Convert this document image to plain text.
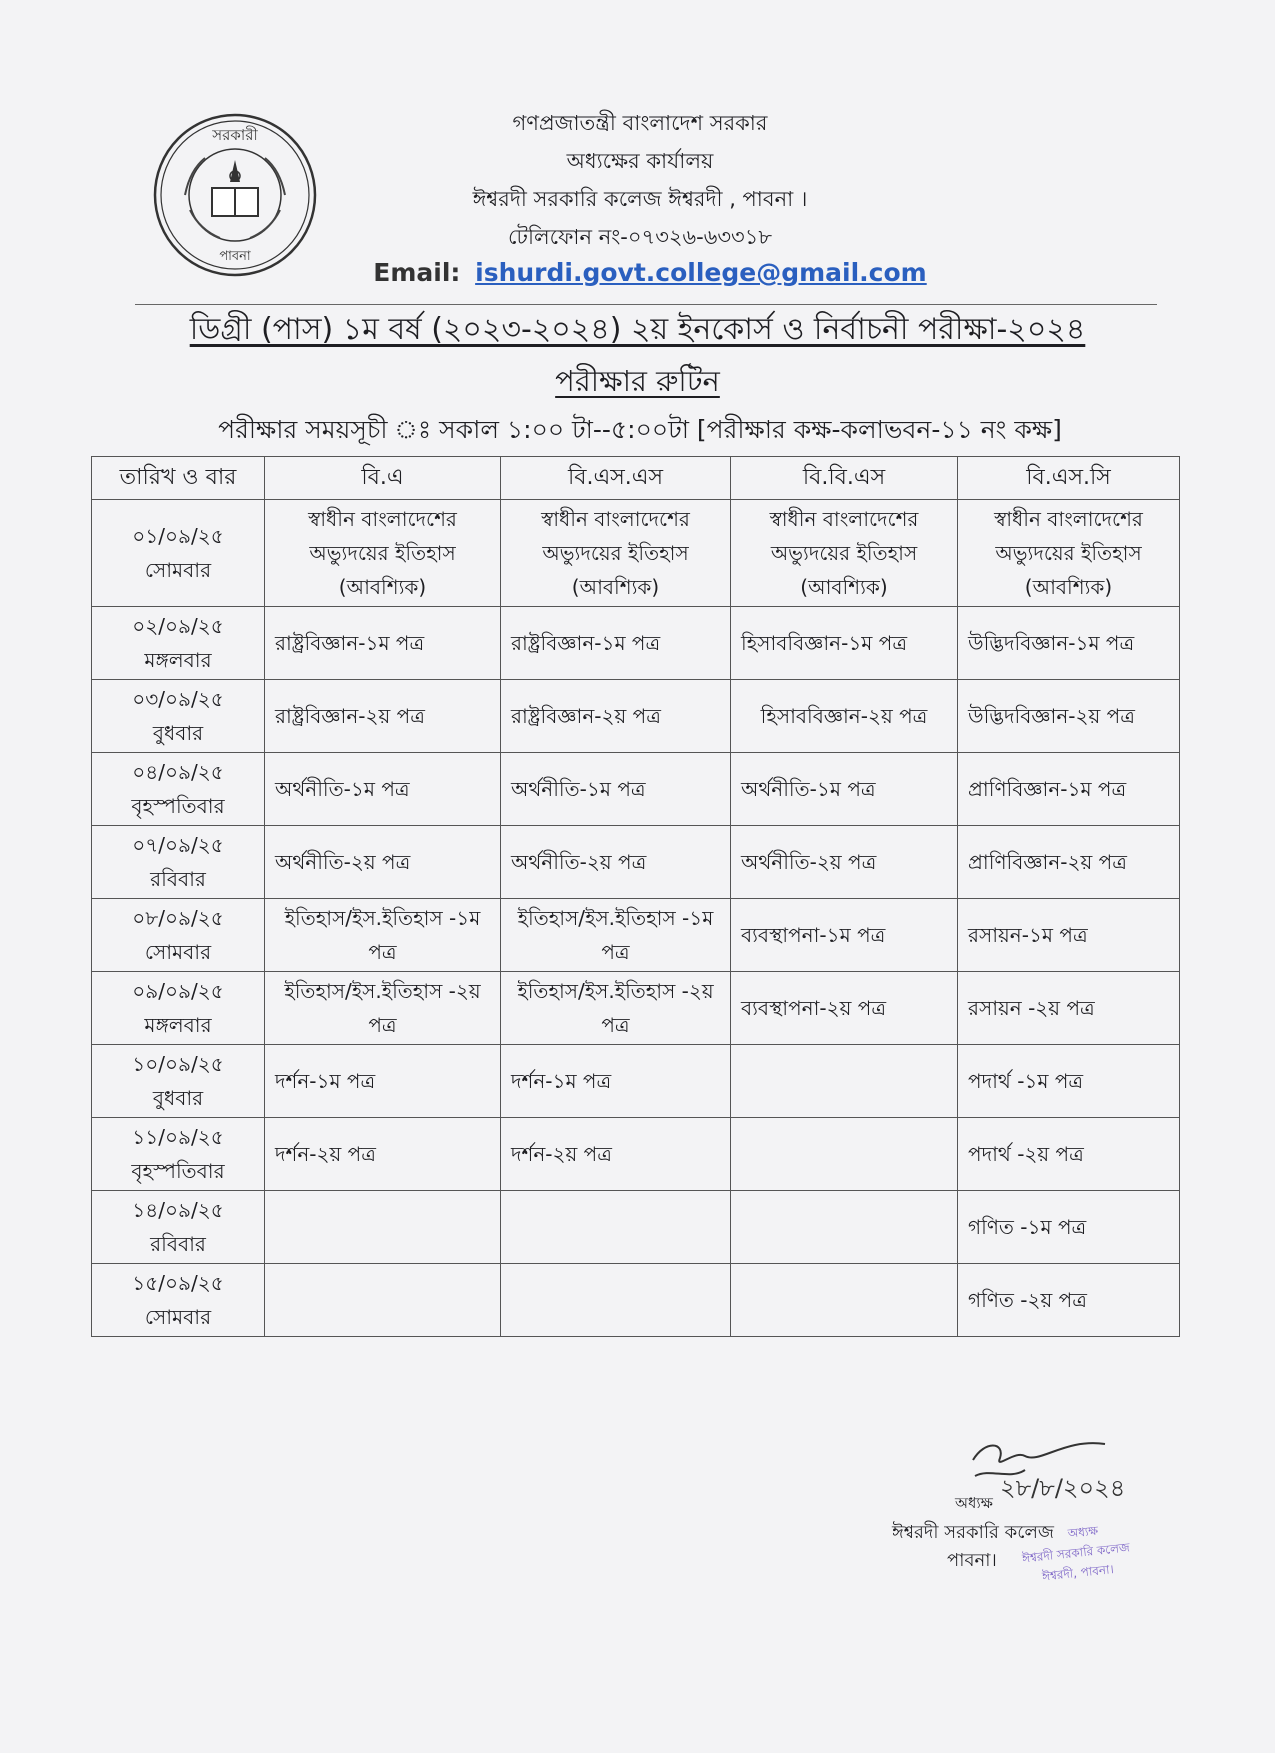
সরকারী
পাবনা
গণপ্রজাতন্ত্রী বাংলাদেশ সরকার
অধ্যক্ষের কার্যালয়
ঈশ্বরদী সরকারি কলেজ ঈশ্বরদী , পাবনা ।
টেলিফোন নং-০৭৩২৬-৬৩৩১৮
Email: ishurdi.govt.college@gmail.com
ডিগ্রী (পাস) ১ম বর্ষ (২০২৩-২০২৪) ২য় ইনকোর্স ও নির্বাচনী পরীক্ষা-২০২৪
পরীক্ষার রুটিন
পরীক্ষার সময়সূচী ঃ সকাল ১:০০ টা--৫:০০টা [পরীক্ষার কক্ষ-কলাভবন-১১ নং কক্ষ]
তারিখ ও বার	বি.এ	বি.এস.এস	বি.বি.এস	বি.এস.সি

০১/০৯/২৫
সোমবার	স্বাধীন বাংলাদেশের অভ্যুদয়ের ইতিহাস (আবশ্যিক)	স্বাধীন বাংলাদেশের অভ্যুদয়ের ইতিহাস (আবশ্যিক)	স্বাধীন বাংলাদেশের অভ্যুদয়ের ইতিহাস (আবশ্যিক)	স্বাধীন বাংলাদেশের অভ্যুদয়ের ইতিহাস (আবশ্যিক)

০২/০৯/২৫
মঙ্গলবার	রাষ্ট্রবিজ্ঞান-১ম পত্র	রাষ্ট্রবিজ্ঞান-১ম পত্র	হিসাববিজ্ঞান-১ম পত্র	উদ্ভিদবিজ্ঞান-১ম পত্র

০৩/০৯/২৫
বুধবার	রাষ্ট্রবিজ্ঞান-২য় পত্র	রাষ্ট্রবিজ্ঞান-২য় পত্র	হিসাববিজ্ঞান-২য় পত্র	উদ্ভিদবিজ্ঞান-২য় পত্র

০৪/০৯/২৫
বৃহস্পতিবার	অর্থনীতি-১ম পত্র	অর্থনীতি-১ম পত্র	অর্থনীতি-১ম পত্র	প্রাণিবিজ্ঞান-১ম পত্র

০৭/০৯/২৫
রবিবার	অর্থনীতি-২য় পত্র	অর্থনীতি-২য় পত্র	অর্থনীতি-২য় পত্র	প্রাণিবিজ্ঞান-২য় পত্র

০৮/০৯/২৫
সোমবার	ইতিহাস/ইস.ইতিহাস -১ম পত্র	ইতিহাস/ইস.ইতিহাস -১ম পত্র	ব্যবস্থাপনা-১ম পত্র	রসায়ন-১ম পত্র

০৯/০৯/২৫
মঙ্গলবার	ইতিহাস/ইস.ইতিহাস -২য় পত্র	ইতিহাস/ইস.ইতিহাস -২য় পত্র	ব্যবস্থাপনা-২য় পত্র	রসায়ন -২য় পত্র

১০/০৯/২৫
বুধবার	দর্শন-১ম পত্র	দর্শন-১ম পত্র		পদার্থ -১ম পত্র

১১/০৯/২৫
বৃহস্পতিবার	দর্শন-২য় পত্র	দর্শন-২য় পত্র		পদার্থ -২য় পত্র

১৪/০৯/২৫
রবিবার				গণিত -১ম পত্র

১৫/০৯/২৫
সোমবার				গণিত -২য় পত্র
২৮/৮/২০২৪
অধ্যক্ষ
ঈশ্বরদী সরকারি কলেজ
পাবনা।
অধ্যক্ষ
ঈশ্বরদী সরকারি কলেজ
ঈশ্বরদী, পাবনা।
